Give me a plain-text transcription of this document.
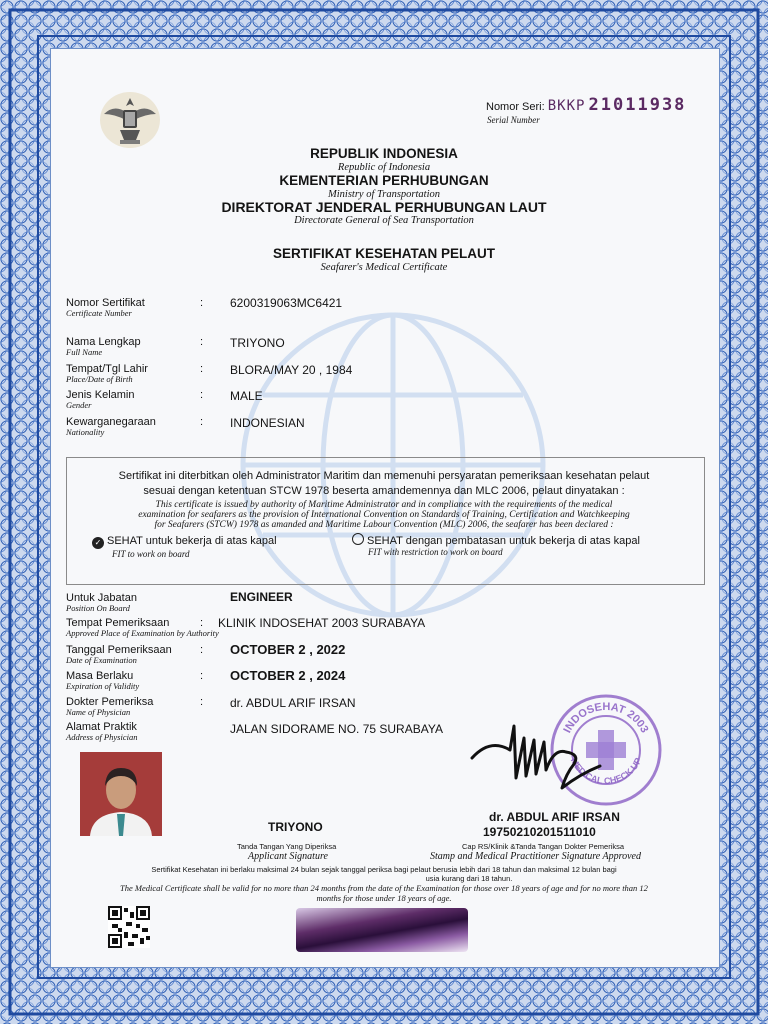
Nomor Seri: BKKP 21011938
Serial Number
REPUBLIK INDONESIA
Republic of Indonesia
KEMENTERIAN PERHUBUNGAN
Ministry of Transportation
DIREKTORAT JENDERAL PERHUBUNGAN LAUT
Directorate General of Sea Transportation
SERTIFIKAT KESEHATAN PELAUT
Seafarer's Medical Certificate
Nomor Sertifikat
Certificate Number
: 6200319063MC6421
Nama Lengkap
Full Name
: TRIYONO
Tempat/Tgl Lahir
Place/Date of Birth
: BLORA/MAY 20 , 1984
Jenis Kelamin
Gender
: MALE
Kewarganegaraan
Nationality
: INDONESIAN
Sertifikat ini diterbitkan oleh Administrator Maritim dan memenuhi persyaratan pemeriksaan kesehatan pelaut
sesuai dengan ketentuan STCW 1978 beserta amandemennya dan MLC 2006, pelaut dinyatakan :
This certificate is issued by authority of Maritime Administrator and in compliance with the requirements of the medical
examination for seafarers as the provision of International Convention on Standards of Training, Certification and Watchkeeping
for Seafarers (STCW) 1978 as amanded and Maritime Labour Convention (MLC) 2006, the seafarer has been declared :
✓ SEHAT untuk bekerja di atas kapal
FIT to work on board
SEHAT dengan pembatasan untuk bekerja di atas kapal
FIT with restriction to work on board
Untuk Jabatan
Position On Board
ENGINEER
Tempat Pemeriksaan
Approved Place of Examination by Authority
: KLINIK INDOSEHAT 2003 SURABAYA
Tanggal Pemeriksaan
Date of Examination
: OCTOBER 2 , 2022
Masa Berlaku
Expiration of Validity
: OCTOBER 2 , 2024
Dokter Pemeriksa
Name of Physician
: dr. ABDUL ARIF IRSAN
Alamat Praktik
Address of Physician
JALAN SIDORAME NO. 75 SURABAYA	INDOSEHAT 2003
MEDICAL CHECK UP
TRIYONO
Tanda Tangan Yang Diperiksa
Applicant Signature
dr. ABDUL ARIF IRSAN
19750210201511010
Cap RS/Klinik &Tanda Tangan Dokter Pemeriksa
Stamp and Medical Practitioner Signature Approved
Sertifikat Kesehatan ini berlaku maksimal 24 bulan sejak tanggal periksa bagi pelaut berusia lebih dari 18 tahun dan maksimal 12 bulan bagi
usia kurang dari 18 tahun.
The Medical Certificate shall be valid for no more than 24 months from the date of the Examination for those over 18 years of age and for no more than 12
months for those under 18 years of age.
